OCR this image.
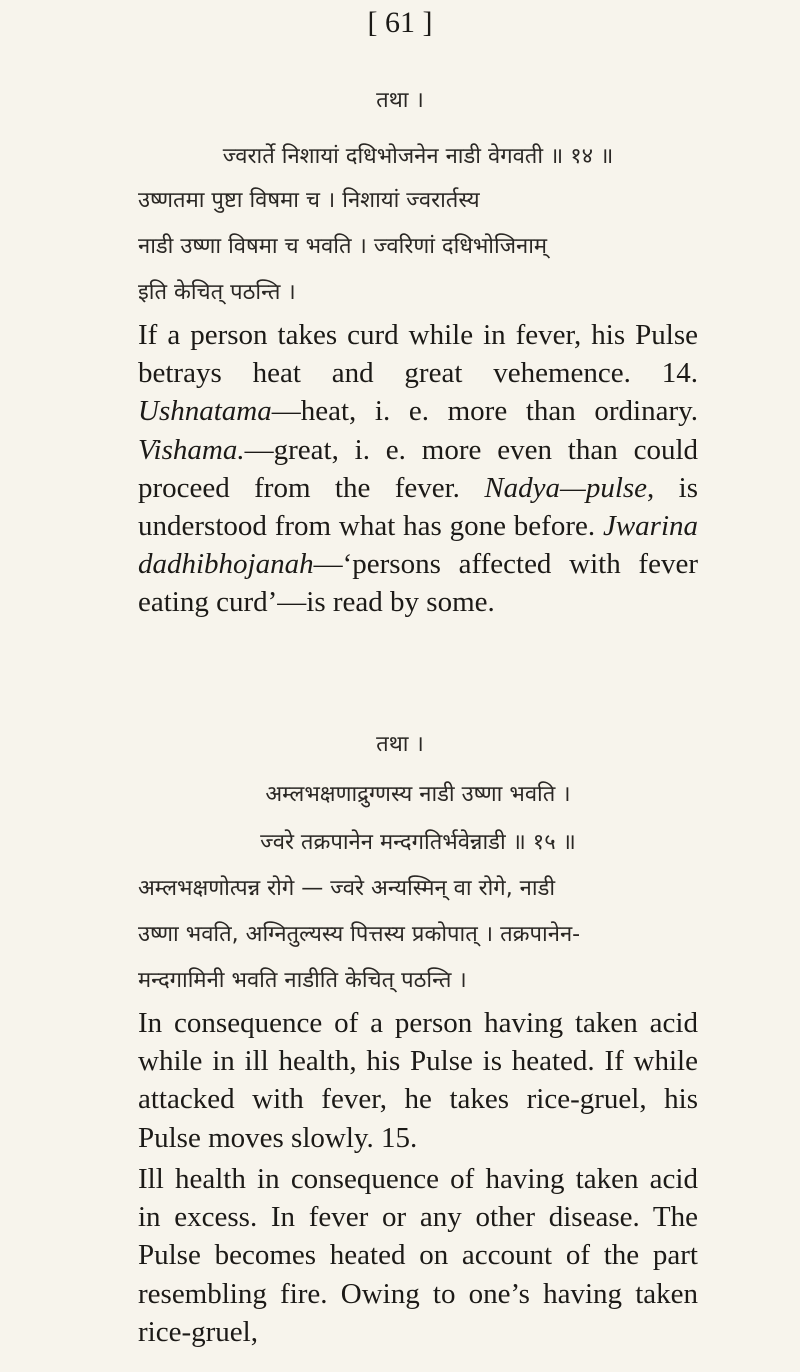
[ 61 ]
तथा ।
ज्वरार्ते निशायां दधिभोजनेन नाडी वेगवती ॥ १४ ॥
उष्णतमा पुष्टा विषमा च । निशायां ज्वरार्तस्य
नाडी उष्णा विषमा च भवति । ज्वरिणां दधिभोजिनाम्
इति केचित् पठन्ति ।

If a person takes curd while in fever, his Pulse betrays heat and great vehemence. 14. Ushnatama—heat, i. e. more than ordinary. Vishama.—great, i. e. more even than could proceed from the fever. Nadya—pulse, is understood from what has gone before. Jwarina dadhibhojanah—‘persons affected with fever eating curd’—is read by some.

तथा ।
अम्लभक्षणाद्रुग्णस्य नाडी उष्णा भवति ।
ज्वरे तक्रपानेन मन्दगतिर्भवेन्नाडी ॥ १५ ॥
अम्लभक्षणोत्पन्न रोगे — ज्वरे अन्यस्मिन् वा रोगे, नाडी
उष्णा भवति, अग्नितुल्यस्य पित्तस्य प्रकोपात् । तक्रपानेन-
मन्दगामिनी भवति नाडीति केचित् पठन्ति ।

In consequence of a person having taken acid while in ill health, his Pulse is heated. If while attacked with fever, he takes rice-gruel, his Pulse moves slowly. 15.

Ill health in consequence of having taken acid in excess. In fever or any other disease. The Pulse becomes heated on account of the part resembling fire. Owing to one’s having taken rice-gruel,
